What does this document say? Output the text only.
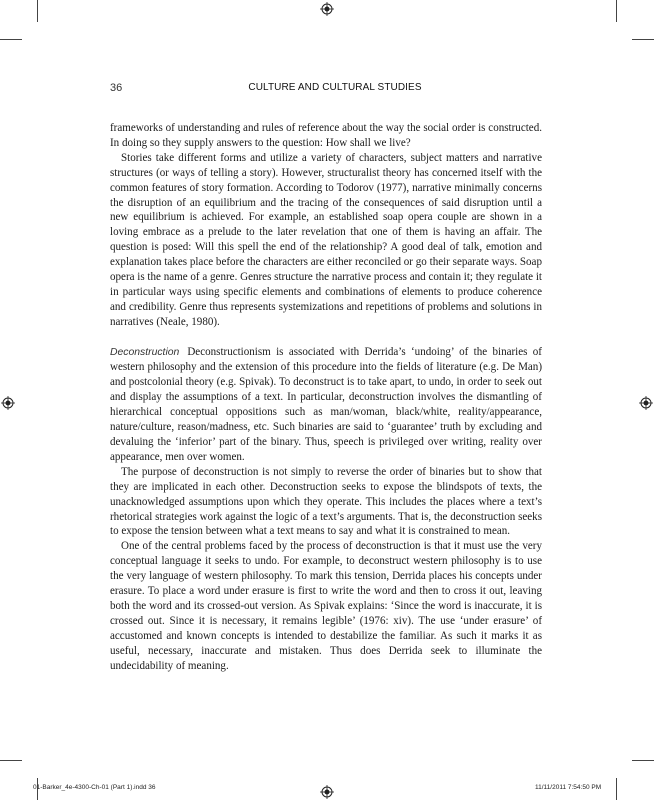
36	CULTURE AND CULTURAL STUDIES

frameworks of understanding and rules of reference about the way the social order is constructed. In doing so they supply answers to the question: How shall we live?

Stories take different forms and utilize a variety of characters, subject matters and narrative structures (or ways of telling a story). However, structuralist theory has concerned itself with the common features of story formation. According to Todorov (1977), narrative minimally concerns the disruption of an equilibrium and the tracing of the consequences of said disruption until a new equilibrium is achieved. For example, an established soap opera couple are shown in a loving embrace as a prelude to the later revelation that one of them is having an affair. The question is posed: Will this spell the end of the relationship? A good deal of talk, emotion and explanation takes place before the characters are either reconciled or go their separate ways. Soap opera is the name of a genre. Genres structure the narrative process and contain it; they regulate it in particular ways using specific elements and combinations of elements to produce coherence and credibility. Genre thus represents systemizations and repetitions of problems and solutions in narratives (Neale, 1980).

Deconstruction Deconstructionism is associated with Derrida’s ‘undoing’ of the binaries of western philosophy and the extension of this procedure into the fields of literature (e.g. De Man) and postcolonial theory (e.g. Spivak). To deconstruct is to take apart, to undo, in order to seek out and display the assumptions of a text. In particular, deconstruction involves the dismantling of hierarchical conceptual oppositions such as man/woman, black/white, reality/appearance, nature/culture, reason/madness, etc. Such binaries are said to ‘guarantee’ truth by excluding and devaluing the ‘inferior’ part of the binary. Thus, speech is privileged over writing, reality over appearance, men over women.

The purpose of deconstruction is not simply to reverse the order of binaries but to show that they are implicated in each other. Deconstruction seeks to expose the blindspots of texts, the unacknowledged assumptions upon which they operate. This includes the places where a text’s rhetorical strategies work against the logic of a text’s arguments. That is, the deconstruction seeks to expose the tension between what a text means to say and what it is constrained to mean.

One of the central problems faced by the process of deconstruction is that it must use the very conceptual language it seeks to undo. For example, to deconstruct western philosophy is to use the very language of western philosophy. To mark this tension, Derrida places his concepts under erasure. To place a word under erasure is first to write the word and then to cross it out, leaving both the word and its crossed-out version. As Spivak explains: ‘Since the word is inaccurate, it is crossed out. Since it is necessary, it remains legible’ (1976: xiv). The use ‘under erasure’ of accustomed and known concepts is intended to destabilize the familiar. As such it marks it as useful, necessary, inaccurate and mistaken. Thus does Derrida seek to illuminate the undecidability of meaning.

01-Barker_4e-4300-Ch-01 (Part 1).indd 36	11/11/2011 7:54:50 PM
